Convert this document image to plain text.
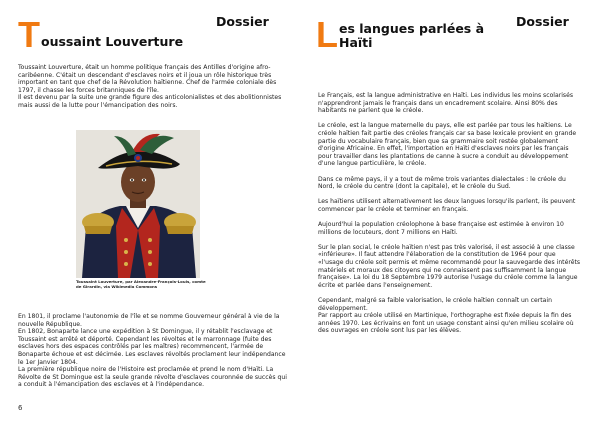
Dossier
T oussaint Louverture

Toussaint Louverture, était un homme politique français des Antilles d'origine afro-caribéenne. C'était un descendant d'esclaves noirs et il joua un rôle historique très important en tant que chef de la Révolution haïtienne. Chef de l'armée coloniale dès 1797, il chasse les forces britanniques de l'île.
Il est devenu par la suite une grande figure des anticolonialistes et des abolitionnistes mais aussi de la lutte pour l'émancipation des noirs.

Toussaint Louverture, par Alexandre-François-Louis, comte de Girardin, via Wikimedia Commons

En 1801, il proclame l'autonomie de l'île et se nomme Gouverneur général à vie de la nouvelle République.
En 1802, Bonaparte lance une expédition à St Domingue, il y rétablit l'esclavage et Toussaint est arrêté et déporté. Cependant les révoltes et le marronnage (fuite des esclaves hors des espaces contrôlés par les maîtres) recommencent, l'armée de Bonaparte échoue et est décimée. Les esclaves révoltés proclament leur indépendance le 1er Janvier 1804.
La première république noire de l'Histoire est proclamée et prend le nom d'Haïti. La Révolte de St Domingue est la seule grande révolte d'esclaves couronnée de succès qui a conduit à l'émancipation des esclaves et à l'indépendance.

6
Dossier
L es langues parlées à
Haïti

Le Français, est la langue administrative en Haïti. Les individus les moins scolarisés n'apprendront jamais le français dans un encadrement scolaire. Ainsi 80% des habitants ne parlent que le créole.

Le créole, est la langue maternelle du pays, elle est parlée par tous les haïtiens. Le créole haïtien fait partie des créoles français car sa base lexicale provient en grande partie du vocabulaire français, bien que sa grammaire soit restée globalement d'origine Africaine. En effet, l'importation en Haïti d'esclaves noirs par les français pour travailler dans les plantations de canne à sucre a conduit au développement d'une langue particulière, le créole.

Dans ce même pays, il y a tout de même trois variantes dialectales : le créole du Nord, le créole du centre (dont la capitale), et le créole du Sud.

Les haïtiens utilisent alternativement les deux langues lorsqu'ils parlent, ils peuvent commencer par le créole et terminer en français.

Aujourd'hui la population créolophone à base française est estimée à environ 10 millions de locuteurs, dont 7 millions en Haïti.

Sur le plan social, le créole haïtien n'est pas très valorisé, il est associé à une classe «inférieure». Il faut attendre l'élaboration de la constitution de 1964 pour que «l'usage du créole soit permis et même recommandé pour la sauvegarde des intérêts matériels et moraux des citoyens qui ne connaissent pas suffisamment la langue française». La loi du 18 Septembre 1979 autorise l'usage du créole comme la langue écrite et parlée dans l'enseignement.

Cependant, malgré sa faible valorisation, le créole haïtien connaît un certain développement.
Par rapport au créole utilisé en Martinique, l'orthographe est fixée depuis la fin des années 1970. Les écrivains en font un usage constant ainsi qu'en milieu scolaire où des ouvrages en créole sont lus par les élèves.
